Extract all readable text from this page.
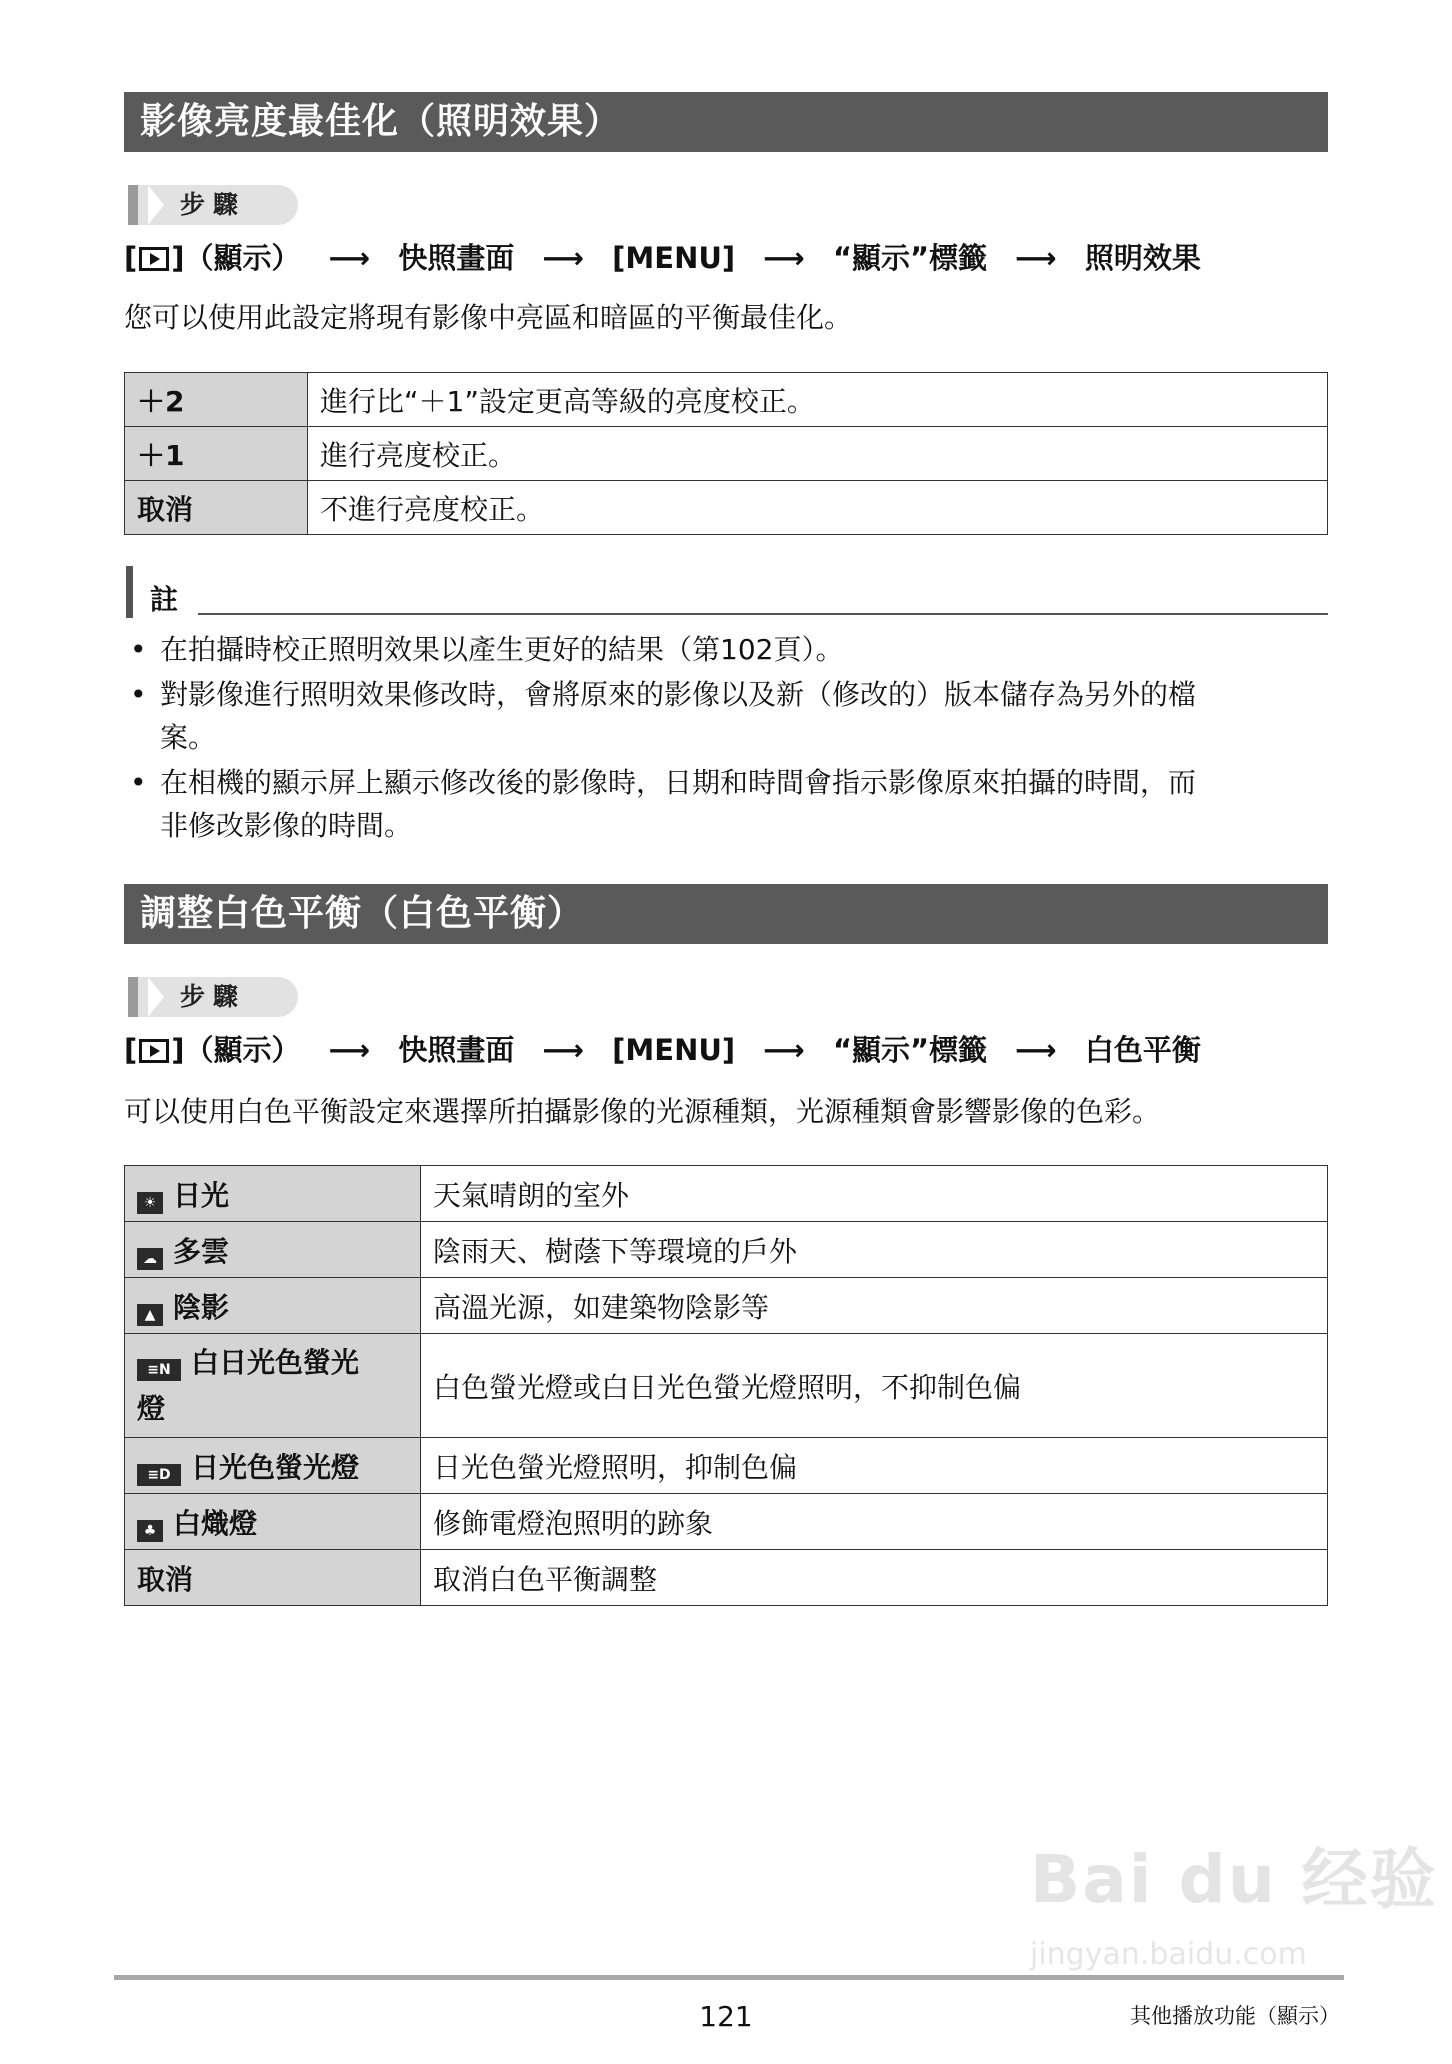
影像亮度最佳化（照明效果）
步驟
[ ]（顯示） ⟶ 快照畫面 ⟶ [MENU] ⟶ “顯示”標籤 ⟶ 照明效果
您可以使用此設定將現有影像中亮區和暗區的平衡最佳化。
＋2	進行比“＋1”設定更高等級的亮度校正。
＋1	進行亮度校正。
取消	不進行亮度校正。
註
• 在拍攝時校正照明效果以產生更好的結果（第102頁）。
• 對影像進行照明效果修改時，會將原來的影像以及新（修改的）版本儲存為另外的檔
案。
• 在相機的顯示屏上顯示修改後的影像時，日期和時間會指示影像原來拍攝的時間，而
非修改影像的時間。
調整白色平衡（白色平衡）
步驟
[ ]（顯示） ⟶ 快照畫面 ⟶ [MENU] ⟶ “顯示”標籤 ⟶ 白色平衡
可以使用白色平衡設定來選擇所拍攝影像的光源種類，光源種類會影響影像的色彩。
☀ 日光	天氣晴朗的室外
☁ 多雲	陰雨天、樹蔭下等環境的戶外
▲ 陰影	高溫光源，如建築物陰影等
≡N 白日光色螢光
燈	白色螢光燈或白日光色螢光燈照明，不抑制色偏
≡D 日光色螢光燈	日光色螢光燈照明，抑制色偏
♣ 白熾燈	修飾電燈泡照明的跡象
取消	取消白色平衡調整
Bai du 经验
jingyan.baidu.com
121	其他播放功能（顯示）
